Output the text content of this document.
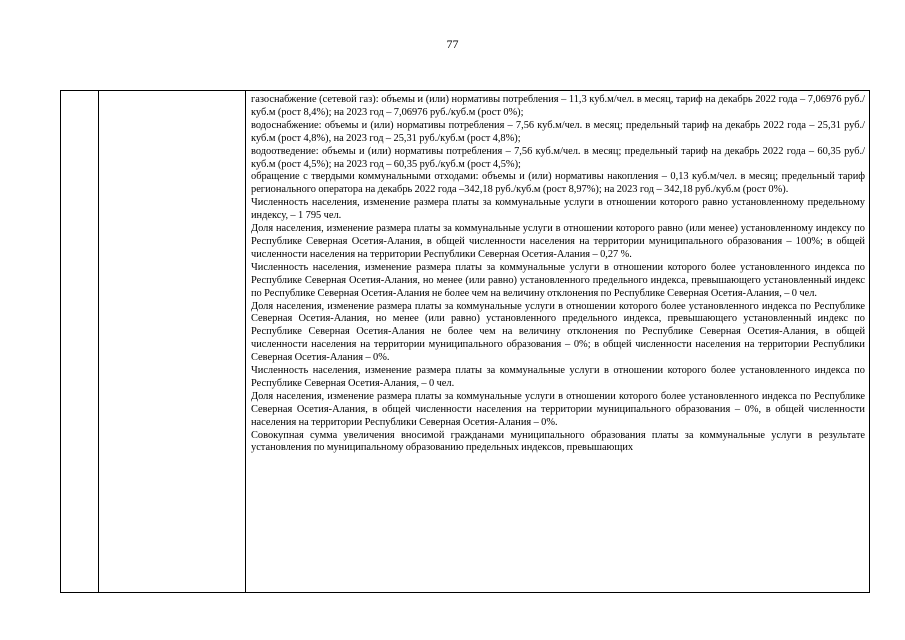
77

газоснабжение (сетевой газ): объемы и (или) нормативы потребления – 11,3 куб.м/чел. в месяц, тариф на декабрь 2022 года – 7,06976 руб./куб.м (рост 8,4%); на 2023 год – 7,06976 руб./куб.м (рост 0%);

водоснабжение: объемы и (или) нормативы потребления – 7,56 куб.м/чел. в месяц; предельный тариф на декабрь 2022 года – 25,31 руб./куб.м (рост 4,8%), на 2023 год – 25,31 руб./куб.м (рост 4,8%);

водоотведение: объемы и (или) нормативы потребления – 7,56 куб.м/чел. в месяц; предельный тариф на декабрь 2022 года – 60,35 руб./куб.м (рост 4,5%); на 2023 год – 60,35 руб./куб.м (рост 4,5%);

обращение с твердыми коммунальными отходами: объемы и (или) нормативы накопления – 0,13 куб.м/чел. в месяц; предельный тариф регионального оператора на декабрь 2022 года –342,18 руб./куб.м (рост 8,97%); на 2023 год – 342,18 руб./куб.м (рост 0%).

Численность населения, изменение размера платы за коммунальные услуги в отношении которого равно установленному предельному индексу, – 1 795 чел.

Доля населения, изменение размера платы за коммунальные услуги в отношении которого равно (или менее) установленному индексу по Республике Северная Осетия-Алания, в общей численности населения на территории муниципального образования – 100%; в общей численности населения на территории Республики Северная Осетия-Алания – 0,27 %.

Численность населения, изменение размера платы за коммунальные услуги в отношении которого более установленного индекса по Республике Северная Осетия-Алания, но менее (или равно) установленного предельного индекса, превышающего установленный индекс по Республике Северная Осетия-Алания не более чем на величину отклонения по Республике Северная Осетия-Алания, – 0 чел.

Доля населения, изменение размера платы за коммунальные услуги в отношении которого более установленного индекса по Республике Северная Осетия-Алания, но менее (или равно) установленного предельного индекса, превышающего установленный индекс по Республике Северная Осетия-Алания не более чем на величину отклонения по Республике Северная Осетия-Алания, в общей численности населения на территории муниципального образования – 0%; в общей численности населения на территории Республики Северная Осетия-Алания – 0%.

Численность населения, изменение размера платы за коммунальные услуги в отношении которого более установленного индекса по Республике Северная Осетия-Алания, – 0 чел.

Доля населения, изменение размера платы за коммунальные услуги в отношении которого более установленного индекса по Республике Северная Осетия-Алания, в общей численности населения на территории муниципального образования – 0%, в общей численности населения на территории Республики Северная Осетия-Алания – 0%.

Совокупная сумма увеличения вносимой гражданами муниципального образования платы за коммунальные услуги в результате установления по муниципальному образованию предельных индексов, превышающих
